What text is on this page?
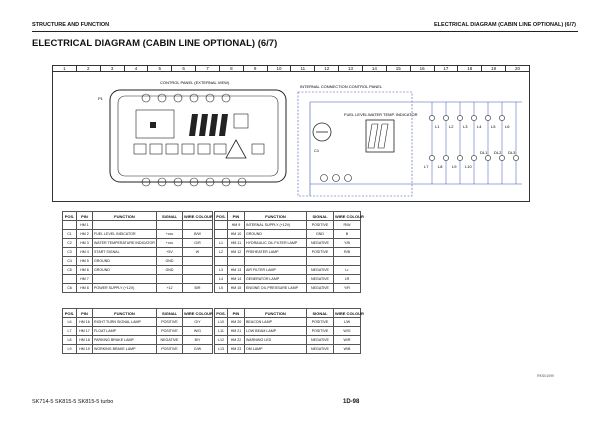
STRUCTURE AND FUNCTION	ELECTRICAL DIAGRAM (CABIN LINE OPTIONAL) (6/7)
ELECTRICAL DIAGRAM (CABIN LINE OPTIONAL) (6/7)
1	2	3	4	5	6	7	8	9	10	11	12	13	14	15	16	17	18	19	20
CONTROL PANEL (EXTERNAL VIEW)
P1
INTERNAL CONNECTION CONTROL PANEL
FUEL LEVEL WATER TEMP. INDICATOR
C1
L1 L2 L3 L4 L5 L6
L7 L8 L9 L10
DL1 DL2 DL3
POS.	PIN	FUNCTION	SIGNAL	WIRE COLOUR
	HM 1			
C1	HM 2	FUEL LEVEL INDICATOR	+vcc	B/W
C2	HM 3	WATER TEMPERATURE INDICATOR	+vcc	G/R
C3	HM 4	START SIGNAL	+5V	W
C4	HM 5	GROUND	GND	
C5	HM 6	GROUND	GND	
	HM 7			
C6	HM 8	POWER SUPPLY (+12V)	+12	B/R
POS.	PIN	FUNCTION	SIGNAL	WIRE COLOUR
	HM 9	INTERNAL SUPPLY (+12V)	POSITIVE	R/W
	HM 10	GROUND	GND	B
L1	HM 11	HYDRAULIC OIL FILTER LAMP	NEGATIVE	Y/B
L2	HM 12	PREHEATER LAMP	POSITIVE	R/B

L3	HM 13	AIR FILTER LAMP	NEGATIVE	Lr
L4	HM 14	GENERATOR LAMP	NEGATIVE	LR
L5	HM 15	ENGINE OIL PRESSURE LAMP	NEGATIVE	Y/R
POS.	PIN	FUNCTION	SIGNAL	WIRE COLOUR
L6	HM 16	RIGHT TURN SIGNAL LAMP	POSITIVE	G/Y
L7	HM 17	FLOAT LAMP	POSITIVE	W/G
L8	HM 18	PARKING BRAKE LAMP	NEGATIVE	B/Y
L9	HM 19	WORKING BRAKE LAMP	POSITIVE	G/W
POS.	PIN	FUNCTION	SIGNAL	WIRE COLOUR
L10	HM 20	BEACON LAMP	POSITIVE	L/W
L11	HM 21	LOW BEAM LAMP	POSITIVE	W/G
L12	HM 22	WARNING LED	NEGATIVE	W/R
L13	HM 23	OM LAMP	NEGATIVE	W/B
RKS01099
SK714-5 SK815-5 SK815-5 turbo	1D-98
